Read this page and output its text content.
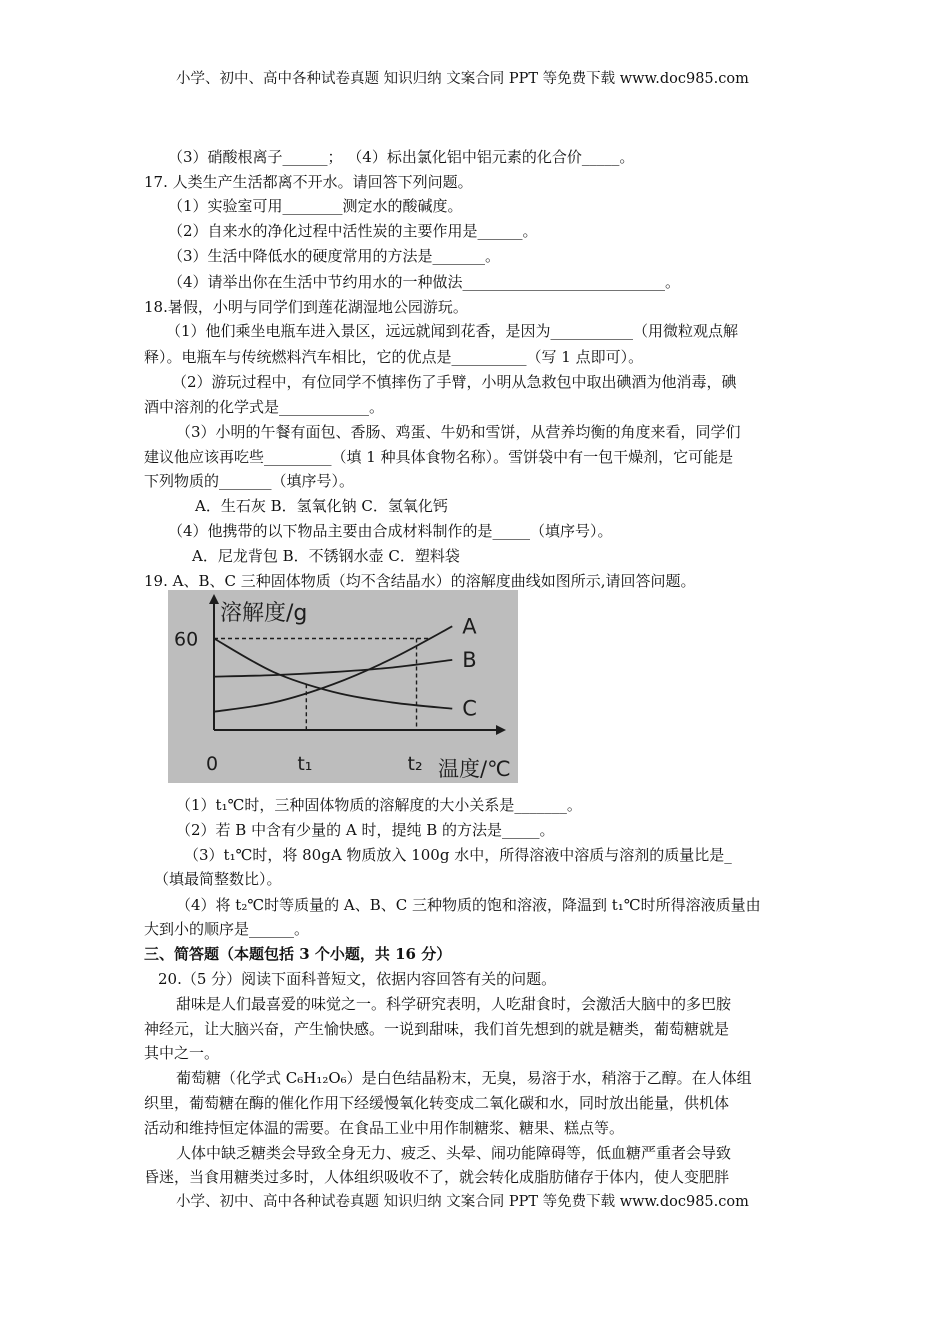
小学、初中、高中各种试卷真题 知识归纳 文案合同 PPT 等免费下载 www.doc985.com
（3）硝酸根离子______； （4）标出氯化铝中铝元素的化合价_____。
17. 人类生产生活都离不开水。请回答下列问题。
（1）实验室可用________测定水的酸碱度。
（2）自来水的净化过程中活性炭的主要作用是______。
（3）生活中降低水的硬度常用的方法是_______。
（4）请举出你在生活中节约用水的一种做法___________________________。
18.暑假，小明与同学们到莲花湖湿地公园游玩。
（1）他们乘坐电瓶车进入景区，远远就闻到花香，是因为___________（用微粒观点解
释）。电瓶车与传统燃料汽车相比，它的优点是__________（写 1 点即可）。
（2）游玩过程中，有位同学不慎摔伤了手臂，小明从急救包中取出碘酒为他消毒，碘
酒中溶剂的化学式是____________。
（3）小明的午餐有面包、香肠、鸡蛋、牛奶和雪饼，从营养均衡的角度来看，同学们
建议他应该再吃些_________（填 1 种具体食物名称）。雪饼袋中有一包干燥剂，它可能是
下列物质的_______（填序号）。
A．生石灰 B．氢氧化钠 C．氢氧化钙
（4）他携带的以下物品主要由合成材料制作的是_____（填序号）。
A．尼龙背包 B．不锈钢水壶 C．塑料袋
19. A、B、C 三种固体物质（均不含结晶水）的溶解度曲线如图所示,请回答问题。
溶解度/g
温度/℃
0
60
t₁	t₂
A
B
C
（1）t₁℃时，三种固体物质的溶解度的大小关系是_______。
（2）若 B 中含有少量的 A 时，提纯 B 的方法是_____。
（3）t₁℃时，将 80gA 物质放入 100g 水中，所得溶液中溶质与溶剂的质量比是_
（填最简整数比）。
（4）将 t₂℃时等质量的 A、B、C 三种物质的饱和溶液，降温到 t₁℃时所得溶液质量由
大到小的顺序是______。
三、简答题（本题包括 3 个小题，共 16 分）
20.（5 分）阅读下面科普短文，依据内容回答有关的问题。
甜味是人们最喜爱的味觉之一。科学研究表明，人吃甜食时，会激活大脑中的多巴胺
神经元，让大脑兴奋，产生愉快感。一说到甜味，我们首先想到的就是糖类，葡萄糖就是
其中之一。
葡萄糖（化学式 C₆H₁₂O₆）是白色结晶粉末，无臭，易溶于水，稍溶于乙醇。在人体组
织里，葡萄糖在酶的催化作用下经缓慢氧化转变成二氧化碳和水，同时放出能量，供机体
活动和维持恒定体温的需要。在食品工业中用作制糖浆、糖果、糕点等。
人体中缺乏糖类会导致全身无力、疲乏、头晕、闹功能障碍等，低血糖严重者会导致
昏迷，当食用糖类过多时，人体组织吸收不了，就会转化成脂肪储存于体内，使人变肥胖
小学、初中、高中各种试卷真题 知识归纳 文案合同 PPT 等免费下载 www.doc985.com
